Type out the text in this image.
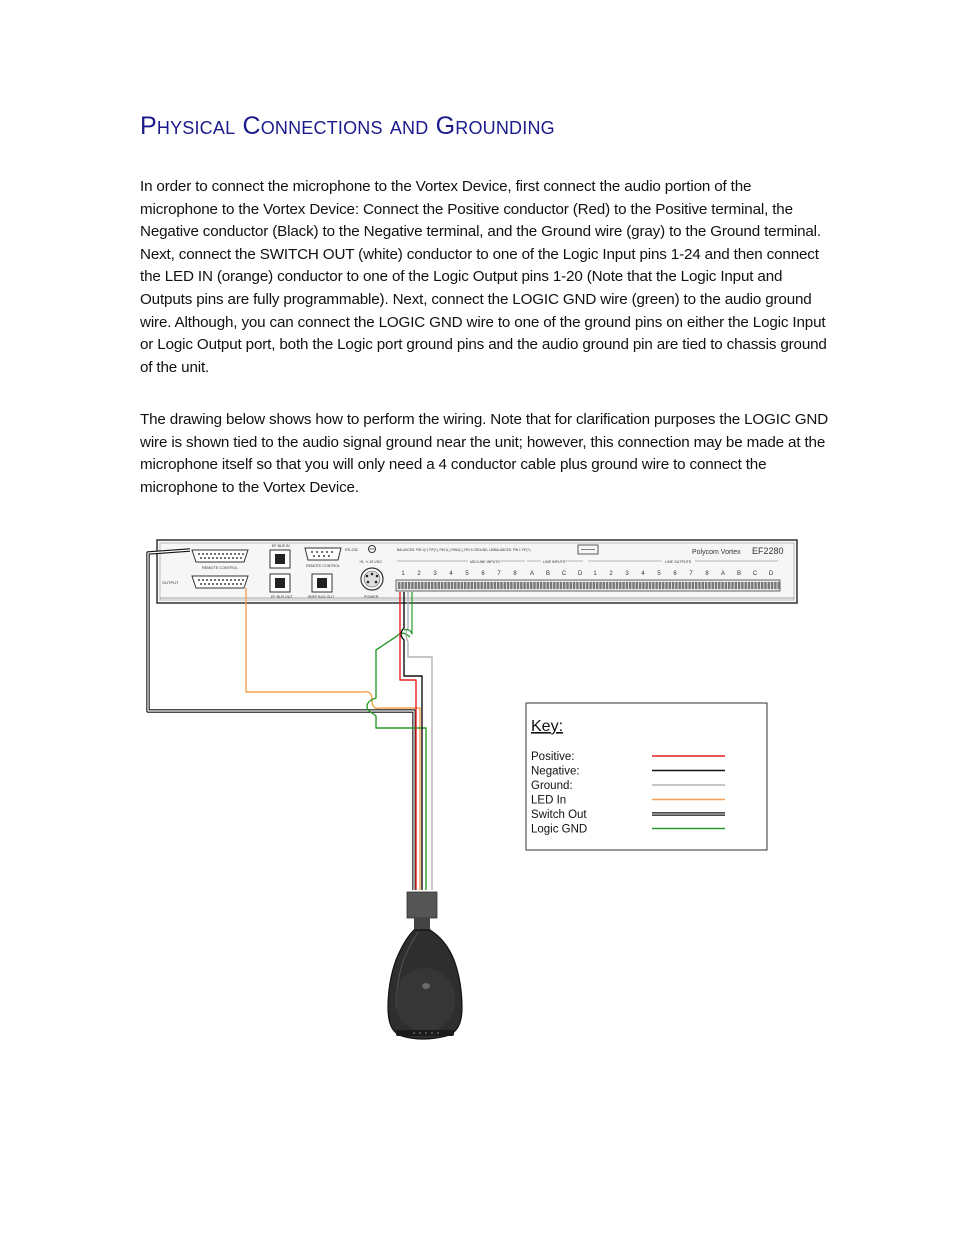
Physical Connections and Grounding

In order to connect the microphone to the Vortex Device, first connect the audio portion of the microphone to the Vortex Device: Connect the Positive conductor (Red) to the Positive terminal, the Negative conductor (Black) to the Negative terminal, and the Ground wire (gray) to the Ground terminal. Next, connect the SWITCH OUT (white) conductor to one of the Logic Input pins 1-24 and then connect the LED IN (orange) conductor to one of the Logic Output pins 1-20 (Note that the Logic Input and Outputs pins are fully programmable). Next, connect the LOGIC GND wire (green) to the audio ground wire. Although, you can connect the LOGIC GND wire to one of the ground pins on either the Logic Input or Logic Output port, both the Logic port ground pins and the audio ground pin are tied to chassis ground of the unit.

The drawing below shows how to perform the wiring. Note that for clarification purposes the LOGIC GND wire is shown tied to the audio signal ground near the unit; however, this connection may be made at the microphone itself so that you will only need a 4 conductor cable plus ground wire to connect the microphone to the Vortex Device.

REMOTE CONTROL
OUTPUT
EF BUS IN
EF BUS OUT
RS-232
REMOTE CONTROL
IR/EF BUS OUT
+5, +/-15 VDC
POWER
BALANCED: PIN 1(+) TIP(+), PIN 2(-) RING(-), PIN 3 GROUND, UNBALANCED: PIN 1 TIP(+)	Polycom Vortex EF2280
MIC/LINE INPUTS	LINE INPUTS	LINE OUTPUTS
1 2 3 4 5 6 7 8 A B C D 1 2 3 4 5 6 7 8 A B C D
Key:
Positive:
Negative:
Ground:
LED In
Switch Out
Logic GND
